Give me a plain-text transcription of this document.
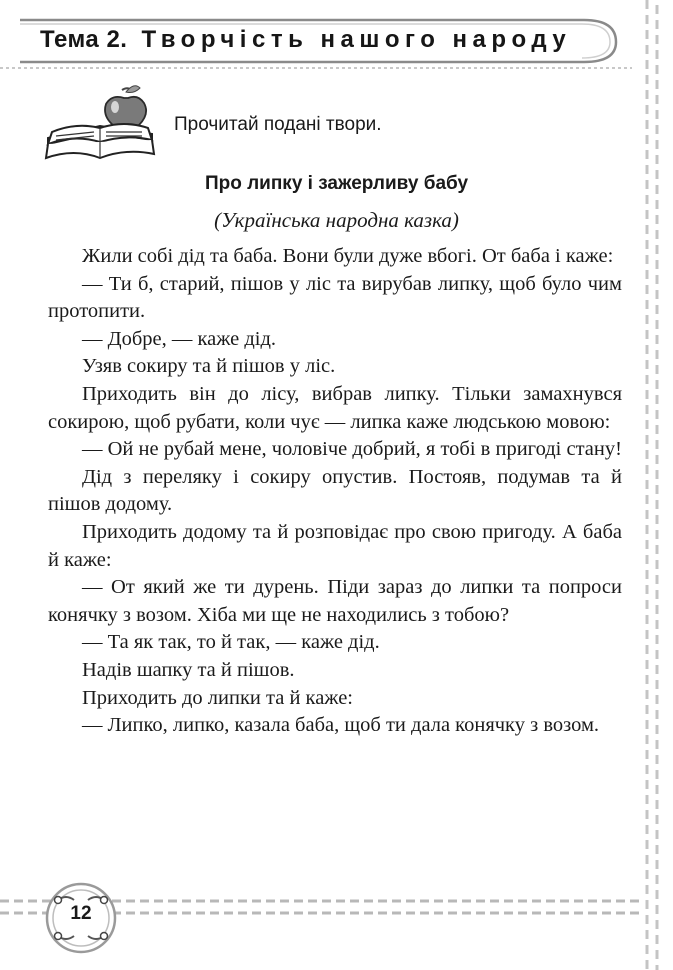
Тема 2. Творчість нашого народу
Прочитай подані твори.
Про липку і зажерливу бабу
(Українська народна казка)

Жили собі дід та баба. Вони були дуже вбогі. От баба і каже:

— Ти б, старий, пішов у ліс та вирубав липку, щоб було чим протопити.

— Добре, — каже дід.

Узяв сокиру та й пішов у ліс.

Приходить він до лісу, вибрав липку. Тільки замахнувся сокирою, щоб рубати, коли чує — липка каже людською мовою:

— Ой не рубай мене, чоловіче добрий, я тобі в пригоді стану!

Дід з переляку і сокиру опустив. Постояв, подумав та й пішов додому.

Приходить додому та й розповідає про свою пригоду. А баба й каже:

— От який же ти дурень. Піди зараз до липки та попроси конячку з возом. Хіба ми ще не находились з тобою?

— Та як так, то й так, — каже дід.

Надів шапку та й пішов.

Приходить до липки та й каже:

— Липко, липко, казала баба, щоб ти дала конячку з возом.

12
